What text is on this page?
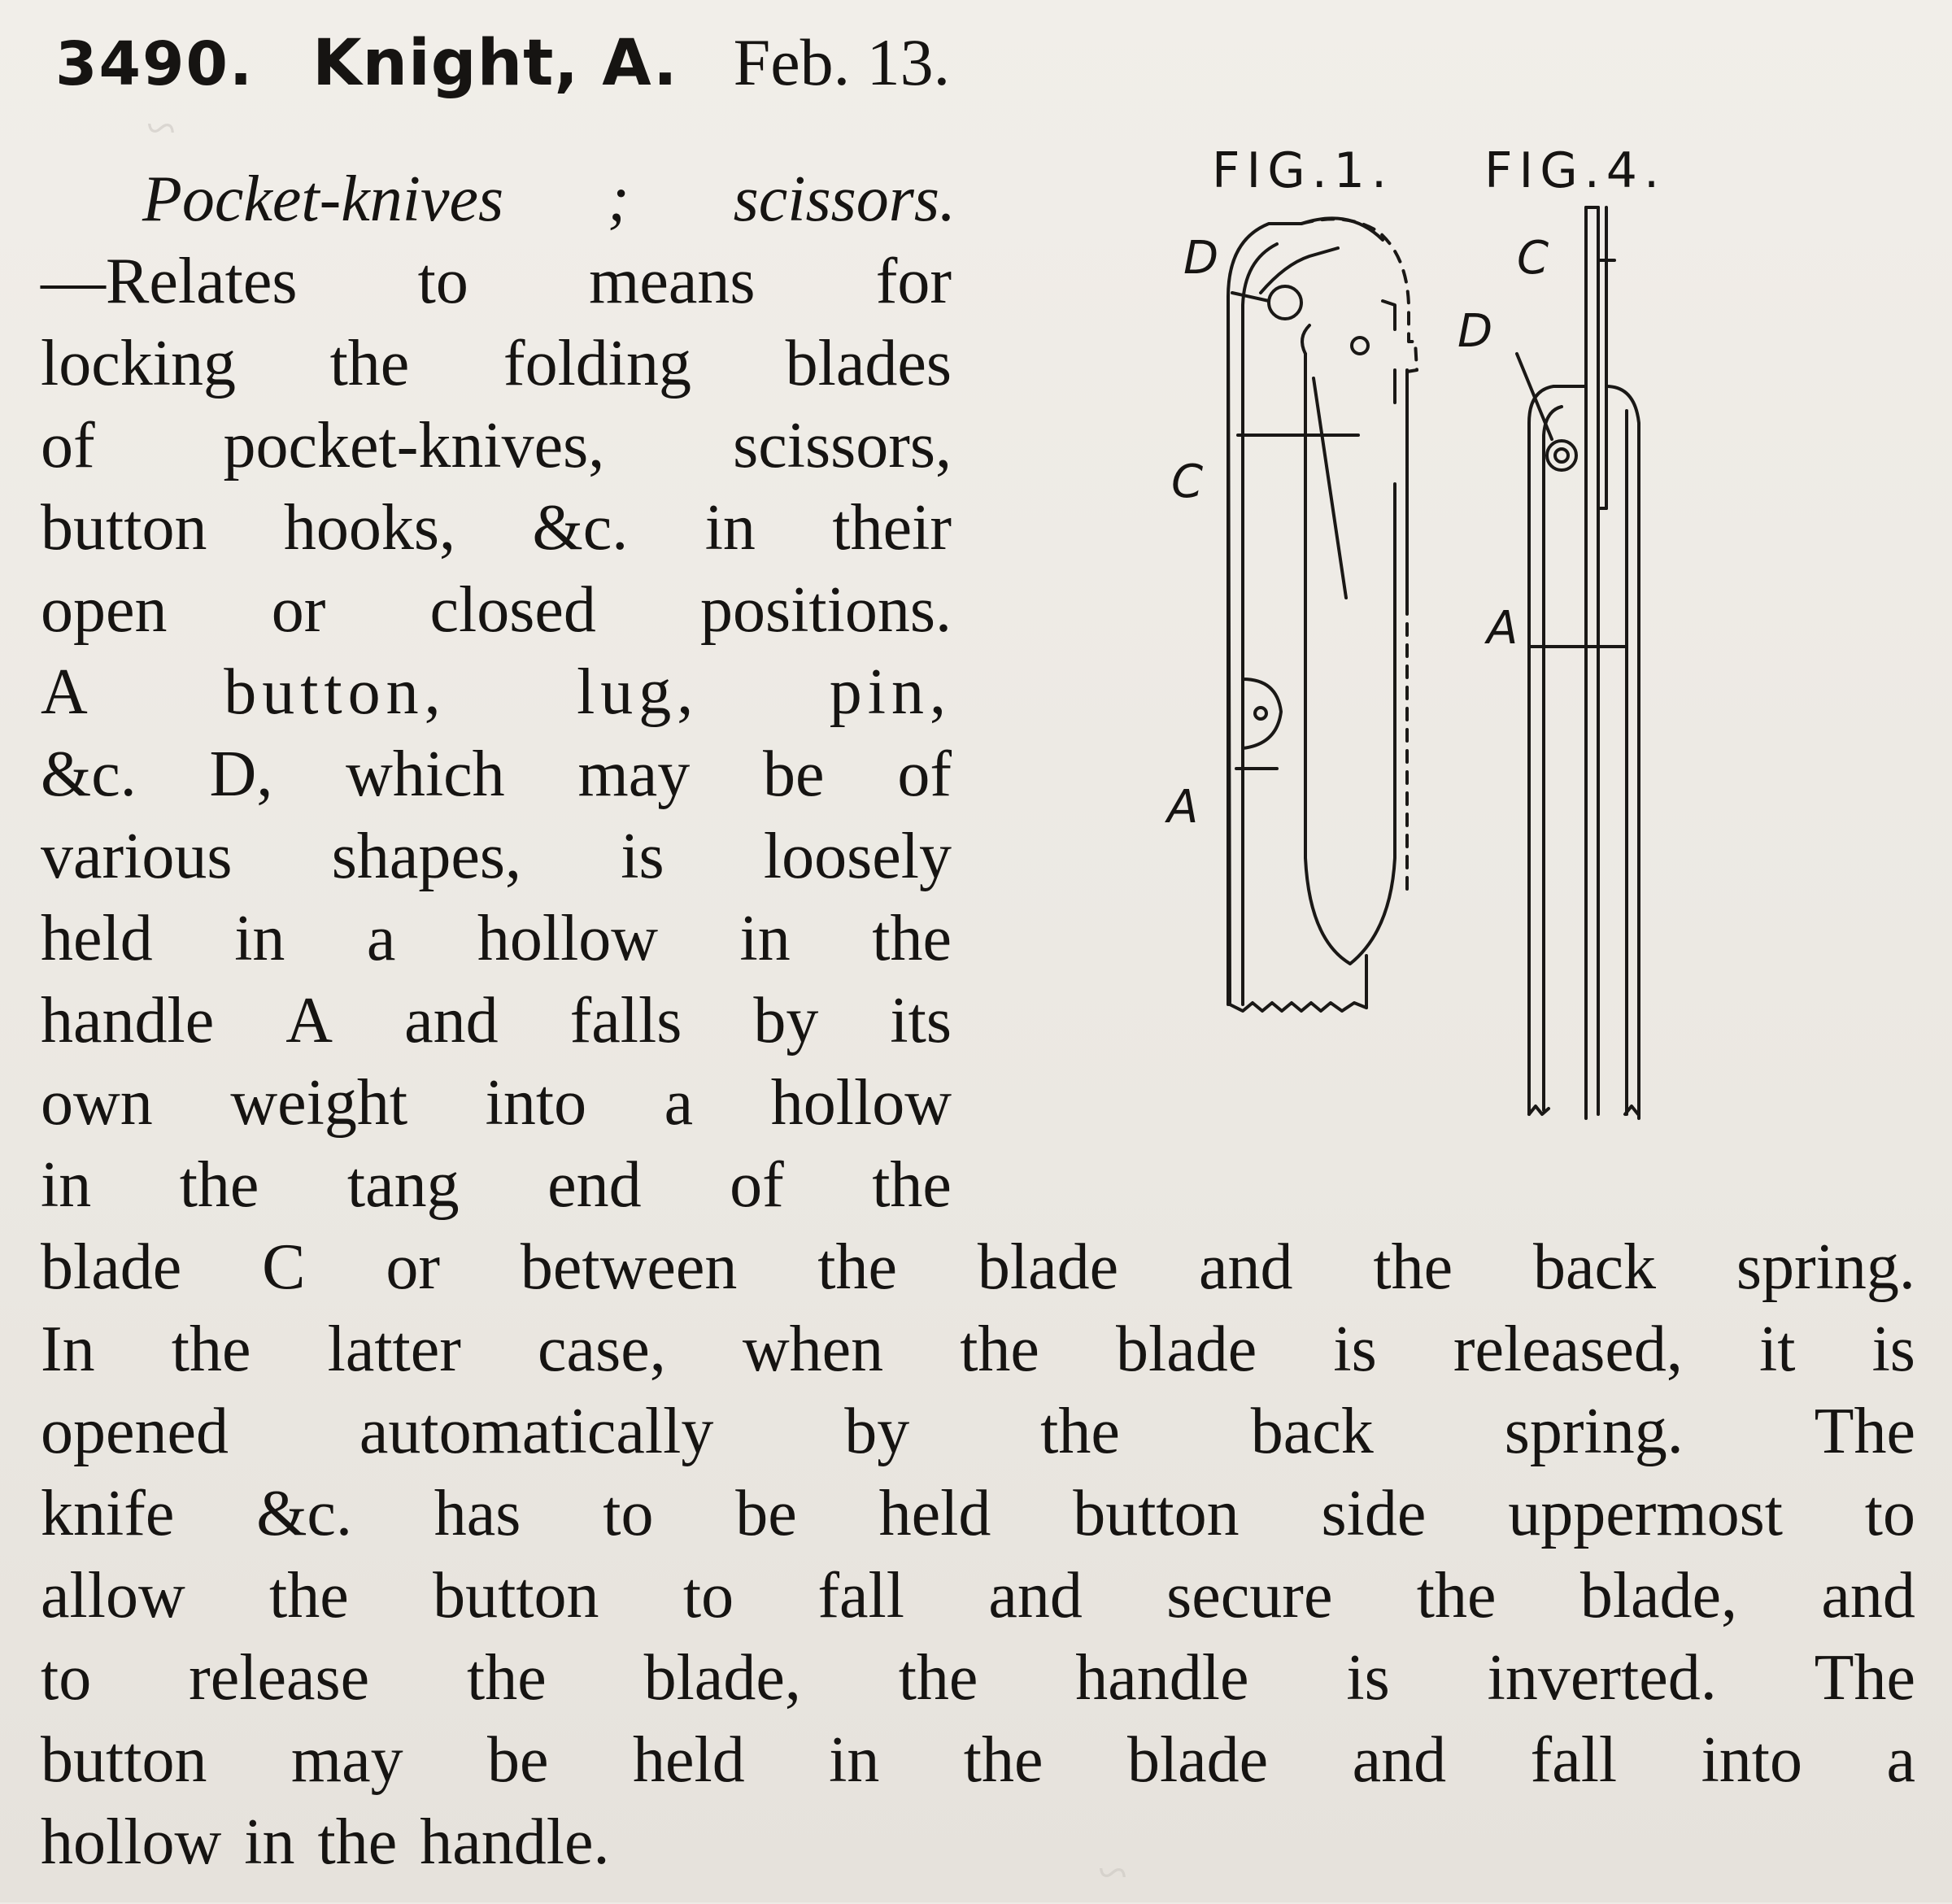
~
3490. Knight, A. Feb. 13.
FIG.1. FIG.4.
D
C
A
C
D
A
Pocket-knives ; scissors.
—Relates to means for
locking the folding blades
of pocket-knives, scissors,
button hooks, &c. in their
open or closed positions.
A button, lug, pin,
&c. D, which may be of
various shapes, is loosely
held in a hollow in the
handle A and falls by its
own weight into a hollow
in the tang end of the
blade C or between the blade and the back spring.
In the latter case, when the blade is released, it is
opened automatically by the back spring. The
knife &c. has to be held button side uppermost to
allow the button to fall and secure the blade, and
to release the blade, the handle is inverted. The
button may be held in the blade and fall into a
hollow in the handle.	~
